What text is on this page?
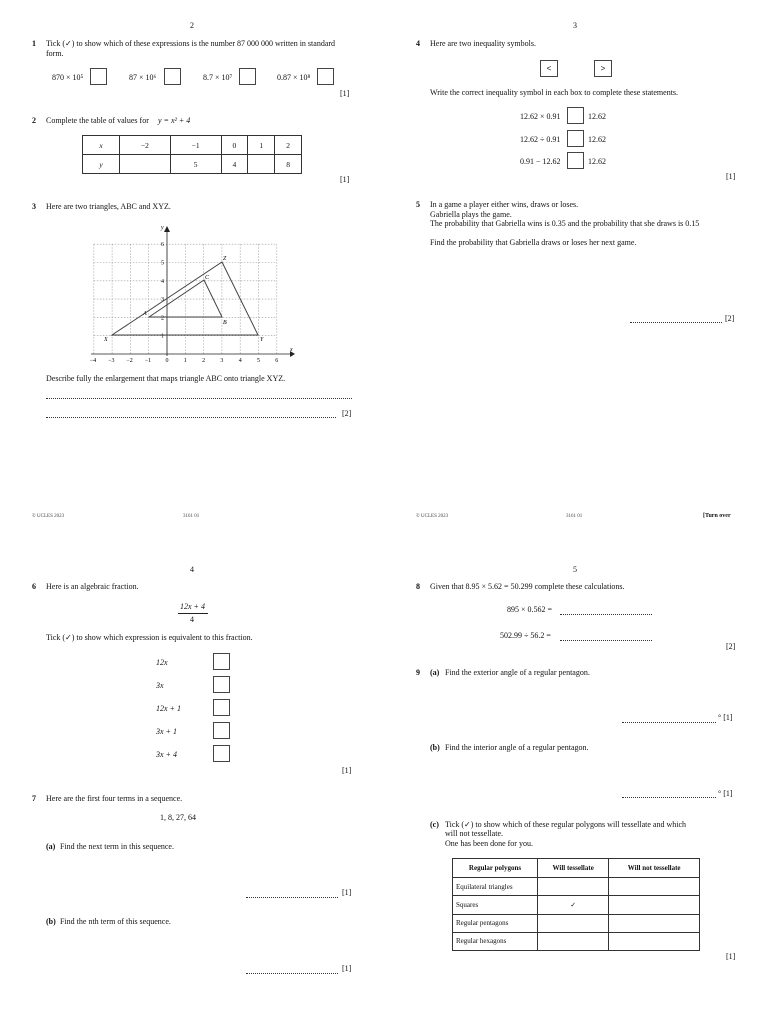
2
1 Tick (✓) to show which of these expressions is the number 87 000 000 written in standard
form.
870 × 10⁵	87 × 10⁶	8.7 × 10⁷	0.87 × 10⁸
[1]
2 Complete the table of values for y = x² + 4
x	−2	−1	0	1	2
y		5	4		8
[1]
3 Here are two triangles, ABC and XYZ.
x
y
−4 −3 −2 −1 0	1	2	3	4	5	6
1
2
3
4
5
6
A
B
C
X	Y
Z
Describe fully the enlargement that maps triangle ABC onto triangle XYZ.
[2]
© UCLES 2023	3161 01
3
4 Here are two inequality symbols.
<	>
Write the correct inequality symbol in each box to complete these statements.
12.62 × 0.91	12.62
12.62 ÷ 0.91	12.62
0.91 − 12.62	12.62
[1]
5 In a game a player either wins, draws or loses.
Gabriella plays the game.
The probability that Gabriella wins is 0.35 and the probability that she draws is 0.15
Find the probability that Gabriella draws or loses her next game.
[2]
© UCLES 2023	3161 01	[Turn over
4
6 Here is an algebraic fraction.
12x + 4
4
Tick (✓) to show which expression is equivalent to this fraction.
12x
3x
12x + 1
3x + 1
3x + 4
[1]
7 Here are the first four terms in a sequence.
1, 8, 27, 64
(a) Find the next term in this sequence.
[1]
(b) Find the nth term of this sequence.
[1]
5
8 Given that 8.95 × 5.62 = 50.299 complete these calculations.
895 × 0.562 =
502.99 ÷ 56.2 =
[2]
9 (a) Find the exterior angle of a regular pentagon.
° [1]
(b) Find the interior angle of a regular pentagon.
° [1]
(c) Tick (✓) to show which of these regular polygons will tessellate and which
will not tessellate.
One has been done for you.
Regular polygons	Will tessellate	Will not tessellate
Equilateral triangles		
Squares	✓	
Regular pentagons		
Regular hexagons		
[1]
